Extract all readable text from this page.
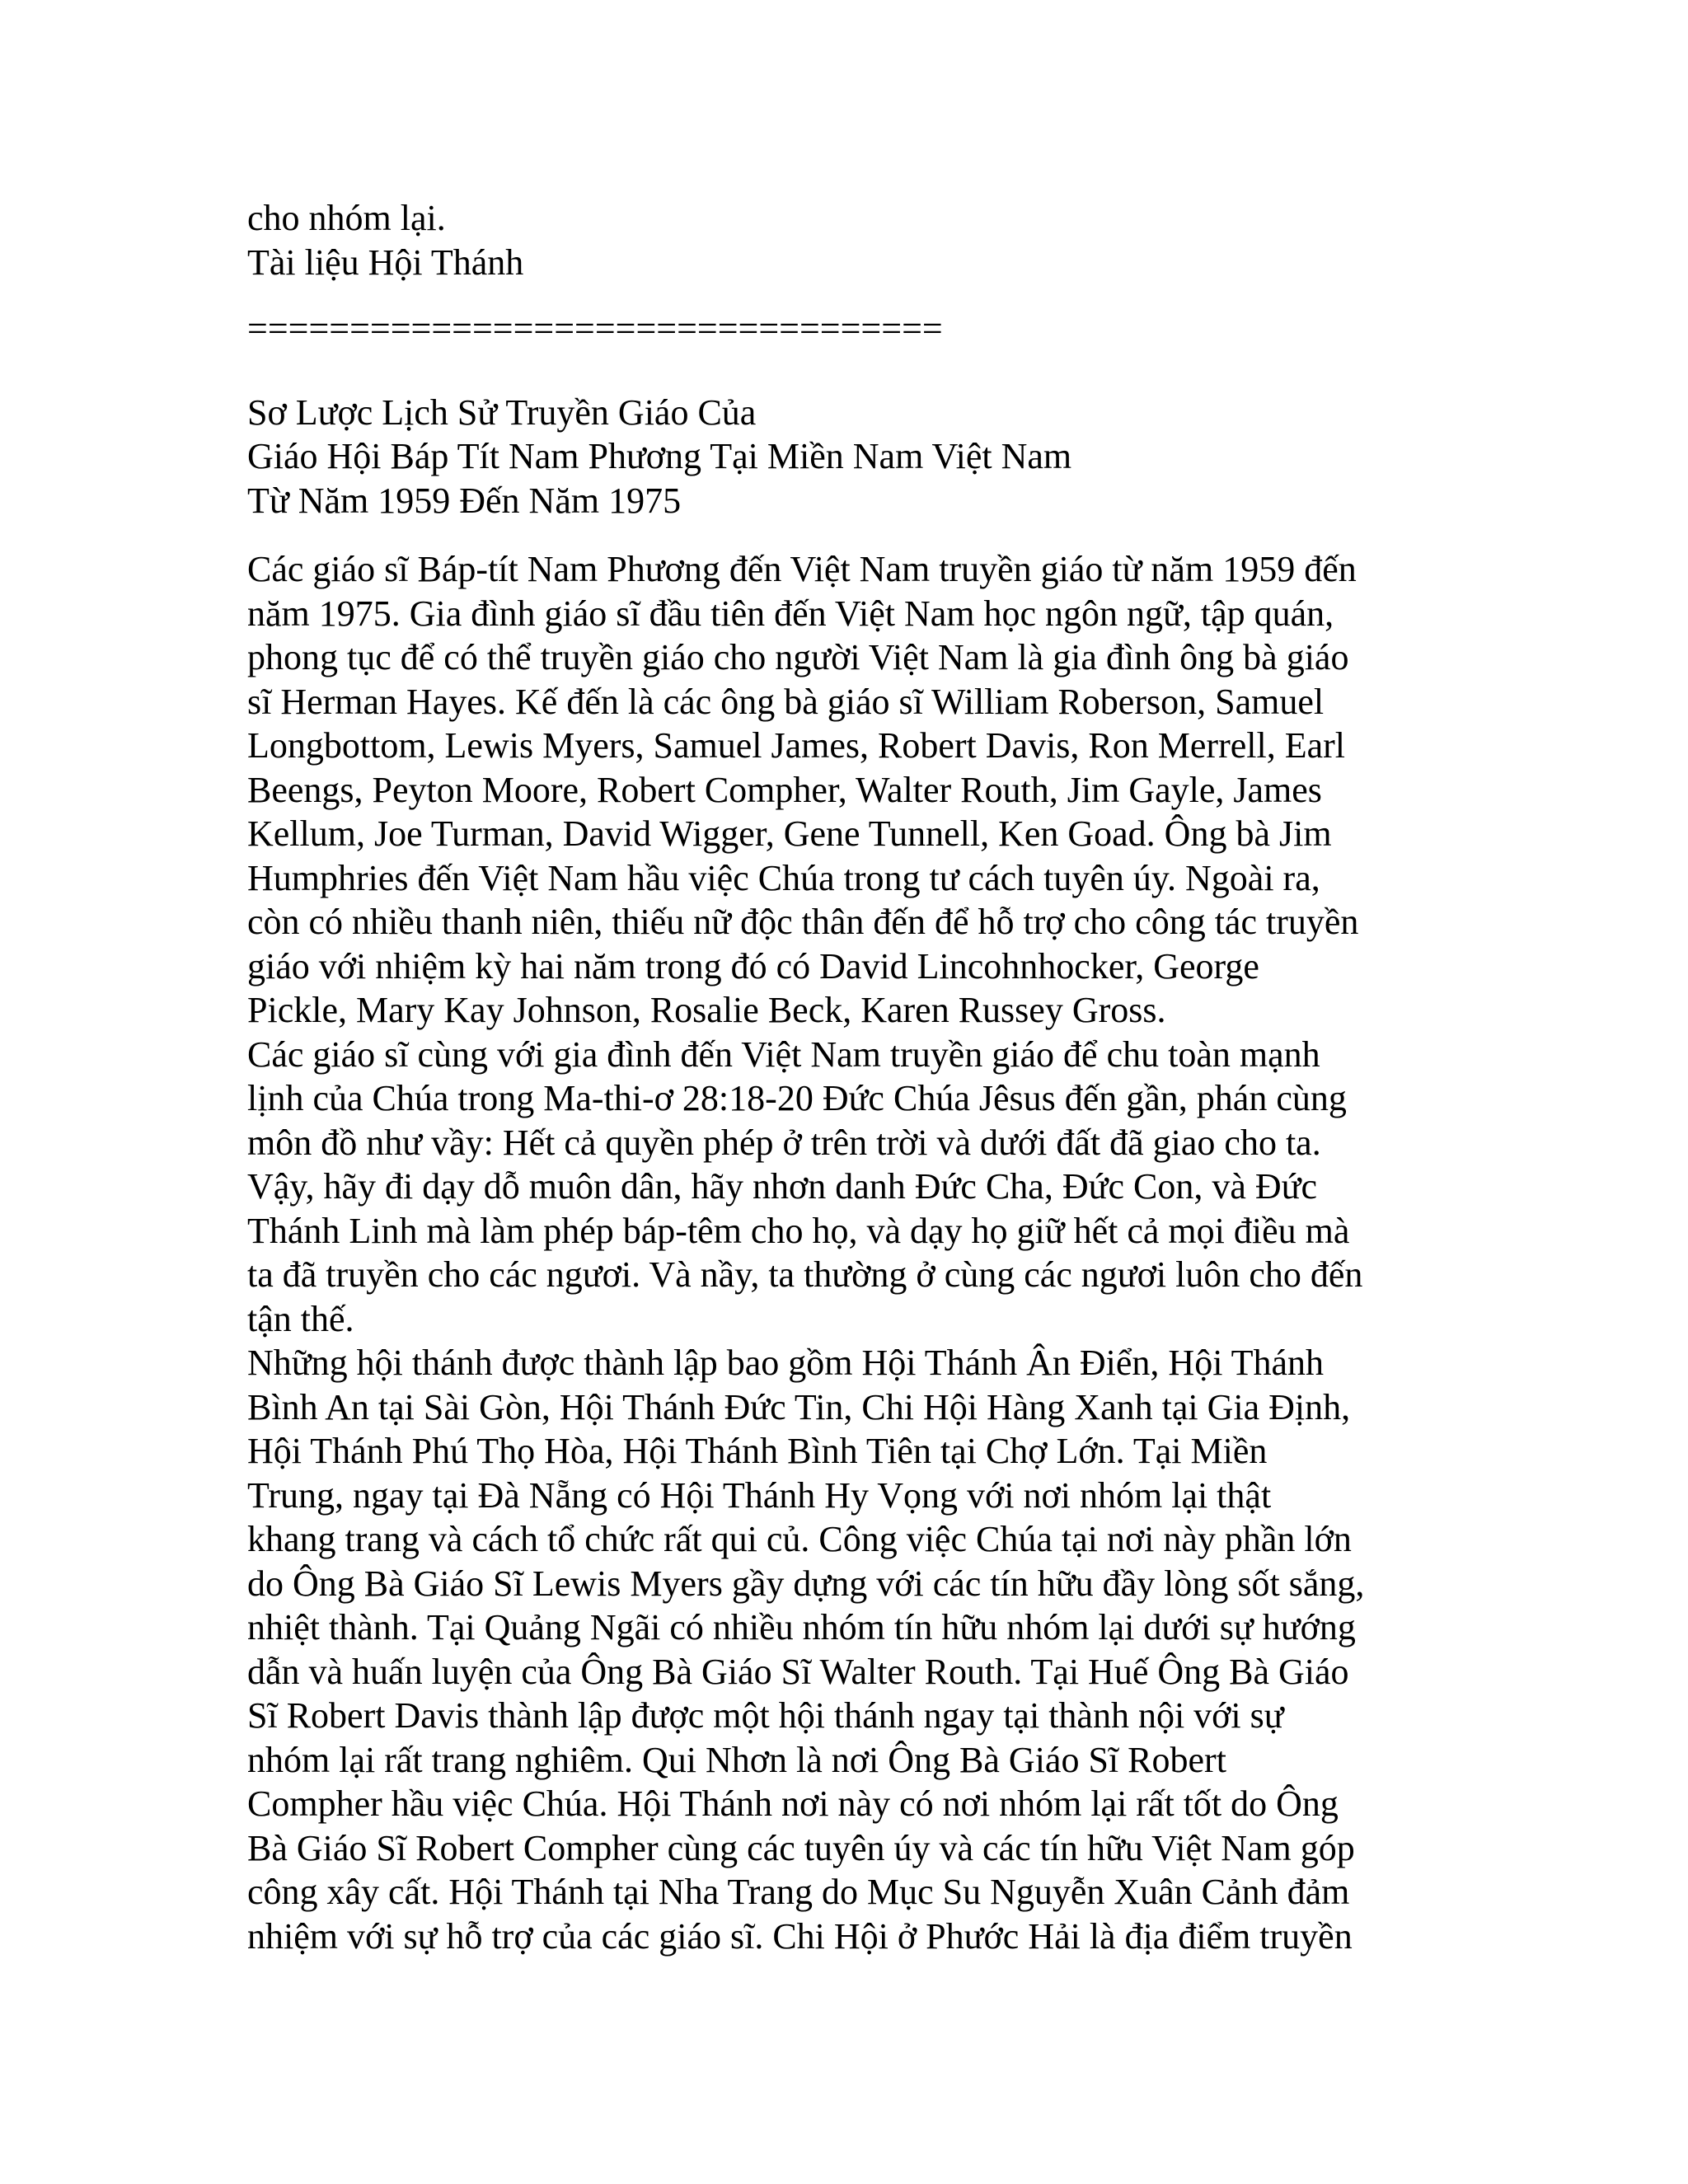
cho nhóm lại.
Tài liệu Hội Thánh
==================================
Sơ Lược Lịch Sử Truyền Giáo Của
Giáo Hội Báp Tít Nam Phương Tại Miền Nam Việt Nam
Từ Năm 1959 Đến Năm 1975
Các giáo sĩ Báp-tít Nam Phương đến Việt Nam truyền giáo từ năm 1959 đến
năm 1975. Gia đình giáo sĩ đầu tiên đến Việt Nam học ngôn ngữ, tập quán,
phong tục để có thể truyền giáo cho người Việt Nam là gia đình ông bà giáo
sĩ Herman Hayes. Kế đến là các ông bà giáo sĩ William Roberson, Samuel
Longbottom, Lewis Myers, Samuel James, Robert Davis, Ron Merrell, Earl
Beengs, Peyton Moore, Robert Compher, Walter Routh, Jim Gayle, James
Kellum, Joe Turman, David Wigger, Gene Tunnell, Ken Goad. Ông bà Jim
Humphries đến Việt Nam hầu việc Chúa trong tư cách tuyên úy. Ngoài ra,
còn có nhiều thanh niên, thiếu nữ độc thân đến để hỗ trợ cho công tác truyền
giáo với nhiệm kỳ hai năm trong đó có David Lincohnhocker, George
Pickle, Mary Kay Johnson, Rosalie Beck, Karen Russey Gross.
Các giáo sĩ cùng với gia đình đến Việt Nam truyền giáo để chu toàn mạnh
lịnh của Chúa trong Ma-thi-ơ 28:18-20 Đức Chúa Jêsus đến gần, phán cùng
môn đồ như vầy: Hết cả quyền phép ở trên trời và dưới đất đã giao cho ta.
Vậy, hãy đi dạy dỗ muôn dân, hãy nhơn danh Đức Cha, Đức Con, và Đức
Thánh Linh mà làm phép báp-têm cho họ, và dạy họ giữ hết cả mọi điều mà
ta đã truyền cho các ngươi. Và nầy, ta thường ở cùng các ngươi luôn cho đến
tận thế.
Những hội thánh được thành lập bao gồm Hội Thánh Ân Điển, Hội Thánh
Bình An tại Sài Gòn, Hội Thánh Đức Tin, Chi Hội Hàng Xanh tại Gia Định,
Hội Thánh Phú Thọ Hòa, Hội Thánh Bình Tiên tại Chợ Lớn. Tại Miền
Trung, ngay tại Đà Nẵng có Hội Thánh Hy Vọng với nơi nhóm lại thật
khang trang và cách tổ chức rất qui củ. Công việc Chúa tại nơi này phần lớn
do Ông Bà Giáo Sĩ Lewis Myers gầy dựng với các tín hữu đầy lòng sốt sắng,
nhiệt thành. Tại Quảng Ngãi có nhiều nhóm tín hữu nhóm lại dưới sự hướng
dẫn và huấn luyện của Ông Bà Giáo Sĩ Walter Routh. Tại Huế Ông Bà Giáo
Sĩ Robert Davis thành lập được một hội thánh ngay tại thành nội với sự
nhóm lại rất trang nghiêm. Qui Nhơn là nơi Ông Bà Giáo Sĩ Robert
Compher hầu việc Chúa. Hội Thánh nơi này có nơi nhóm lại rất tốt do Ông
Bà Giáo Sĩ Robert Compher cùng các tuyên úy và các tín hữu Việt Nam góp
công xây cất. Hội Thánh tại Nha Trang do Mục Su Nguyễn Xuân Cảnh đảm
nhiệm với sự hỗ trợ của các giáo sĩ. Chi Hội ở Phước Hải là địa điểm truyền
